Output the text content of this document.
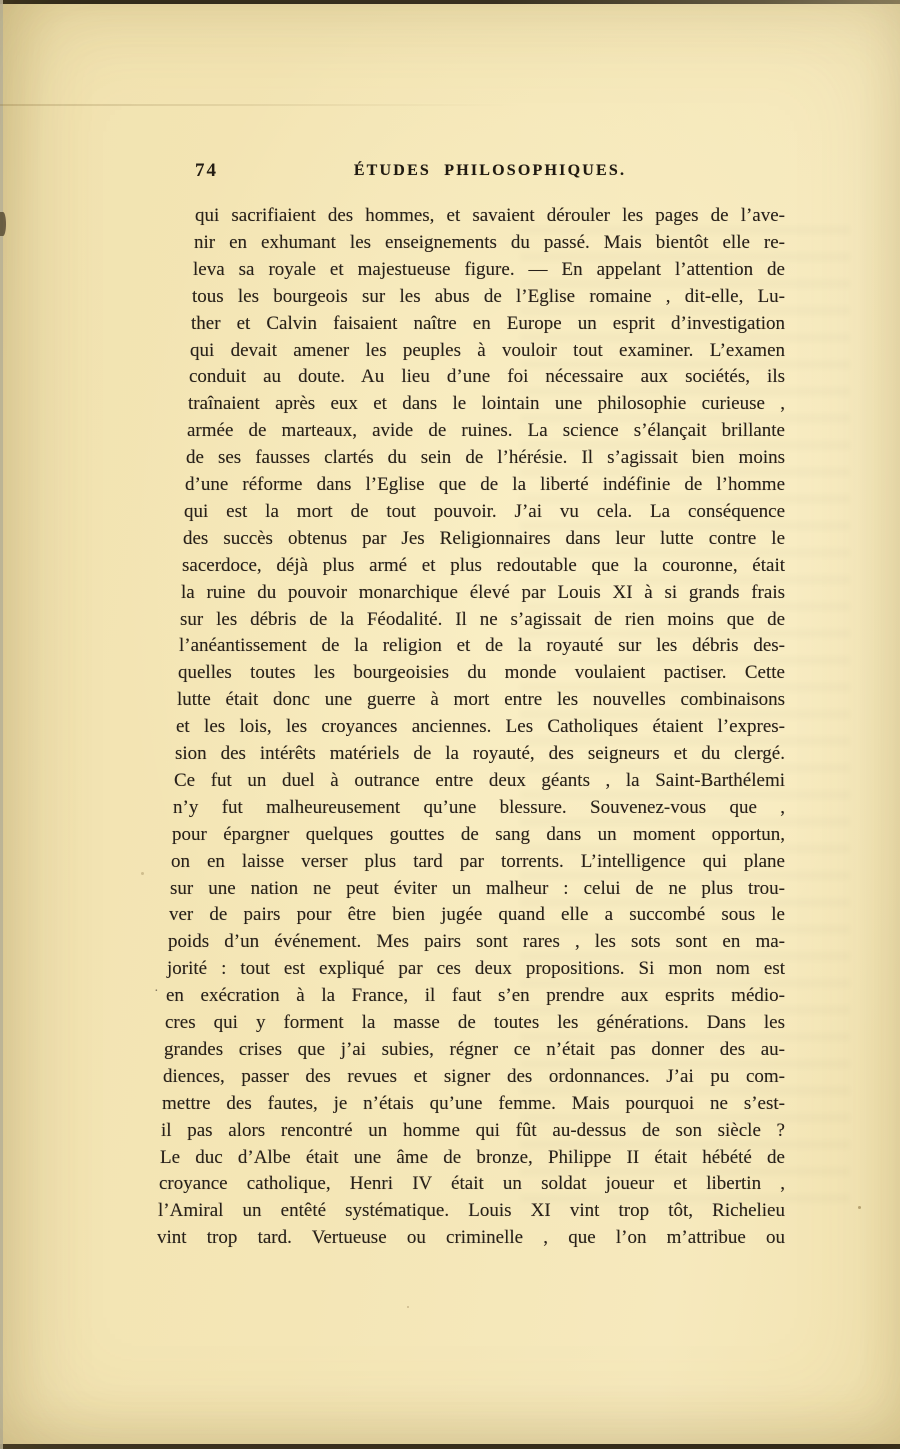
74	ÉTUDES PHILOSOPHIQUES.
·
qui sacrifiaient des hommes, et savaient dérouler les pages de l’ave-
nir en exhumant les enseignements du passé. Mais bientôt elle re-
leva sa royale et majestueuse figure. — En appelant l’attention de
tous les bourgeois sur les abus de l’Eglise romaine , dit-elle, Lu-
ther et Calvin faisaient naître en Europe un esprit d’investigation
qui devait amener les peuples à vouloir tout examiner. L’examen
conduit au doute. Au lieu d’une foi nécessaire aux sociétés, ils
traînaient après eux et dans le lointain une philosophie curieuse ,
armée de marteaux, avide de ruines. La science s’élançait brillante
de ses fausses clartés du sein de l’hérésie. Il s’agissait bien moins
d’une réforme dans l’Eglise que de la liberté indéfinie de l’homme
qui est la mort de tout pouvoir. J’ai vu cela. La conséquence
des succès obtenus par Jes Religionnaires dans leur lutte contre le
sacerdoce, déjà plus armé et plus redoutable que la couronne, était
la ruine du pouvoir monarchique élevé par Louis XI à si grands frais
sur les débris de la Féodalité. Il ne s’agissait de rien moins que de
l’anéantissement de la religion et de la royauté sur les débris des-
quelles toutes les bourgeoisies du monde voulaient pactiser. Cette
lutte était donc une guerre à mort entre les nouvelles combinaisons
et les lois, les croyances anciennes. Les Catholiques étaient l’expres-
sion des intérêts matériels de la royauté, des seigneurs et du clergé.
Ce fut un duel à outrance entre deux géants , la Saint-Barthélemi
n’y fut malheureusement qu’une blessure. Souvenez-vous que ,
pour épargner quelques gouttes de sang dans un moment opportun,
on en laisse verser plus tard par torrents. L’intelligence qui plane
sur une nation ne peut éviter un malheur : celui de ne plus trou-
ver de pairs pour être bien jugée quand elle a succombé sous le
poids d’un événement. Mes pairs sont rares , les sots sont en ma-
jorité : tout est expliqué par ces deux propositions. Si mon nom est
en exécration à la France, il faut s’en prendre aux esprits médio-
cres qui y forment la masse de toutes les générations. Dans les
grandes crises que j’ai subies, régner ce n’était pas donner des au-
diences, passer des revues et signer des ordonnances. J’ai pu com-
mettre des fautes, je n’étais qu’une femme. Mais pourquoi ne s’est-
il pas alors rencontré un homme qui fût au-dessus de son siècle ?
Le duc d’Albe était une âme de bronze, Philippe II était hébété de
croyance catholique, Henri IV était un soldat joueur et libertin ,
l’Amiral un entêté systématique. Louis XI vint trop tôt, Richelieu
vint trop tard. Vertueuse ou criminelle , que l’on m’attribue ou
